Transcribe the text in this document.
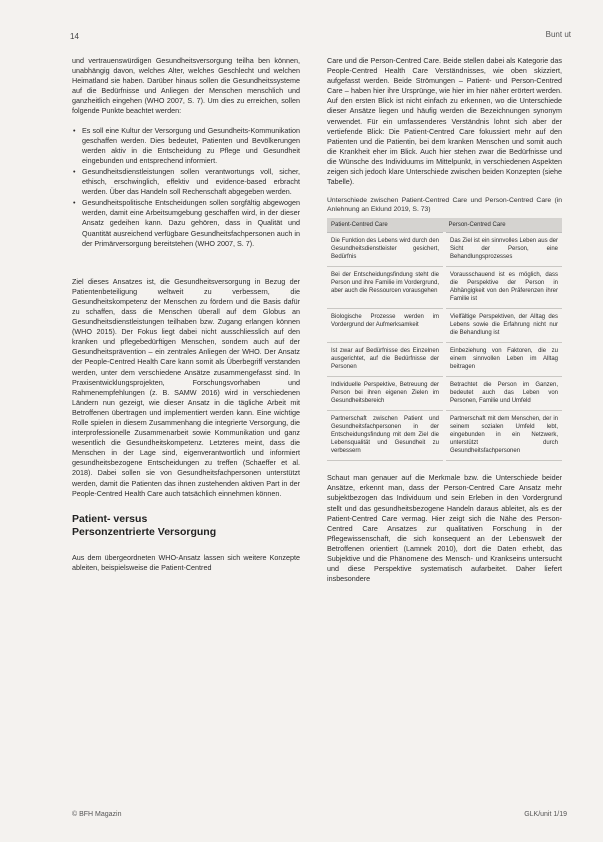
14	Bunt ut

und vertrauenswürdigen Gesundheitsversorgung teilha ben können, unabhängig davon, welches Alter, welches Geschlecht und welchen Heimatland sie haben. Darüber hinaus sollen die Gesundheitssysteme auf die Bedürfnisse und Anliegen der Menschen menschlich und ganzheitlich eingehen (WHO 2007, S. 7). Um dies zu erreichen, sollen folgende Punkte beachtet werden:

• Es soll eine Kultur der Versorgung und Gesundheits-Kommunikation geschaffen werden. Dies bedeutet, Patienten und Bevölkerungen werden aktiv in die Entscheidung zu Pflege und Gesundheit eingebunden und entsprechend informiert.
• Gesundheitsdienstleistungen sollen verantwortungs voll, sicher, ethisch, erschwinglich, effektiv und evidence-based erbracht werden. Über das Handeln soll Rechenschaft abgegeben werden.
• Gesundheitspolitische Entscheidungen sollen sorgfältig abgewogen werden, damit eine Arbeitsumgebung geschaffen wird, in der dieser Ansatz gedeihen kann. Dazu gehören, dass in Qualität und Quantität ausreichend verfügbare Gesundheitsfachpersonen auch in der Primärversorgung bereitstehen (WHO 2007, S. 7).

Ziel dieses Ansatzes ist, die Gesundheitsversorgung in Bezug der Patientenbeteiligung weltweit zu verbessern, die Gesundheitskompetenz der Menschen zu fördern und die Basis dafür zu schaffen, dass die Menschen überall auf dem Globus an Gesundheitsdienstleistungen teilhaben bzw. Zugang erlangen können (WHO 2015). Der Fokus liegt dabei nicht ausschliesslich auf den kranken und pflegebedürftigen Menschen, sondern auch auf der Gesundheitsprävention – ein zentrales Anliegen der WHO. Der Ansatz der People-Centred Health Care kann somit als Überbegriff verstanden werden, unter dem verschiedene Ansätze zusammengefasst sind. In Praxisentwicklungsprojekten, Forschungsvorhaben und Rahmenempfehlungen (z. B. SAMW 2016) wird in verschiedenen Ländern nun gezeigt, wie dieser Ansatz in die tägliche Arbeit mit Betroffenen übertragen und implementiert werden kann. Eine wichtige Rolle spielen in diesem Zusammenhang die integrierte Versorgung, die interprofessionelle Zusammenarbeit sowie Kommunikation und ganz wesentlich die Gesundheitskompetenz. Letzteres meint, dass die Menschen in der Lage sind, eigenverantwortlich und informiert gesundheitsbezogene Entscheidungen zu treffen (Schaeffer et al. 2018). Dabei sollen sie von Gesundheitsfachpersonen unterstützt werden, damit die Patienten das ihnen zustehenden aktiven Part in der People-Centred Health Care auch tatsächlich einnehmen können.

Patient- versus
Personzentrierte Versorgung

Aus dem übergeordneten WHO-Ansatz lassen sich weitere Konzepte ableiten, beispielsweise die Patient-Centred

Care und die Person-Centred Care. Beide stellen dabei als Kategorie das People-Centred Health Care Verständnisses, wie oben skizziert, aufgefasst werden. Beide Strömungen – Patient- und Person-Centred Care – haben hier ihre Ursprünge, wie hier im hier näher erörtert werden. Auf den ersten Blick ist nicht einfach zu erkennen, wo die Unterschiede dieser Ansätze liegen und häufig werden die Bezeichnungen synonym verwendet. Für ein umfassenderes Verständnis lohnt sich aber der vertiefende Blick: Die Patient-Centred Care fokussiert mehr auf den Patienten und die Patientin, bei dem kranken Menschen und somit auch die Krankheit eher im Blick. Auch hier stehen zwar die Bedürfnisse und die Wünsche des Individuums im Mittelpunkt, in verschiedenen Aspekten zeigen sich jedoch klare Unterschiede zwischen beiden Konzepten (siehe Tabelle).

Unterschiede zwischen Patient-Centred Care und Person-Centred Care (in Anlehnung an Eklund 2019, S. 73)
Patient-Centred Care	Person-Centred Care
Die Funktion des Lebens wird durch den Gesundheitsdienstleister gesichert, Bedürfnis	Das Ziel ist ein sinnvolles Leben aus der Sicht der Person, eine Behandlungsprozesses
Bei der Entscheidungsfindung steht die Person und ihre Familie im Vordergrund, aber auch die Ressourcen vorausgehen	Vorausschauend ist es möglich, dass die Perspektive der Person in Abhängigkeit von den Präferenzen ihrer Familie ist
Biologische Prozesse werden im Vordergrund der Aufmerksamkeit	Vielfältige Perspektiven, der Alltag des Lebens sowie die Erfahrung nicht nur die Behandlung ist
Ist zwar auf Bedürfnisse des Einzelnen ausgerichtet, auf die Bedürfnisse der Personen	Einbeziehung von Faktoren, die zu einem sinnvollen Leben im Alltag beitragen
Individuelle Perspektive, Betreuung der Person bei ihren eigenen Zielen im Gesundheitsbereich	Betrachtet die Person im Ganzen, bedeutet auch das Leben von Personen, Familie und Umfeld
Partnerschaft zwischen Patient und Gesundheitsfachpersonen in der Entscheidungsfindung mit dem Ziel die Lebensqualität und Gesundheit zu verbessern	Partnerschaft mit dem Menschen, der in seinem sozialen Umfeld lebt, eingebunden in ein Netzwerk, unterstützt durch Gesundheitsfachpersonen

Schaut man genauer auf die Merkmale bzw. die Unterschiede beider Ansätze, erkennt man, dass der Person-Centred Care Ansatz mehr subjektbezogen das Individuum und sein Erleben in den Vordergrund stellt und das gesundheitsbezogene Handeln daraus ableitet, als es der Patient-Centred Care vermag. Hier zeigt sich die Nähe des Person-Centred Care Ansatzes zur qualitativen Forschung in der Pflegewissenschaft, die sich konsequent an der Lebenswelt der Betroffenen orientiert (Lamnek 2010), dort die Daten erhebt, das Subjektive und die Phänomene des Mensch- und Krankseins untersucht und diese Perspektive systematisch aufarbeitet. Daher liefert insbesondere

© BFH Magazin	GLK/unit 1/19
